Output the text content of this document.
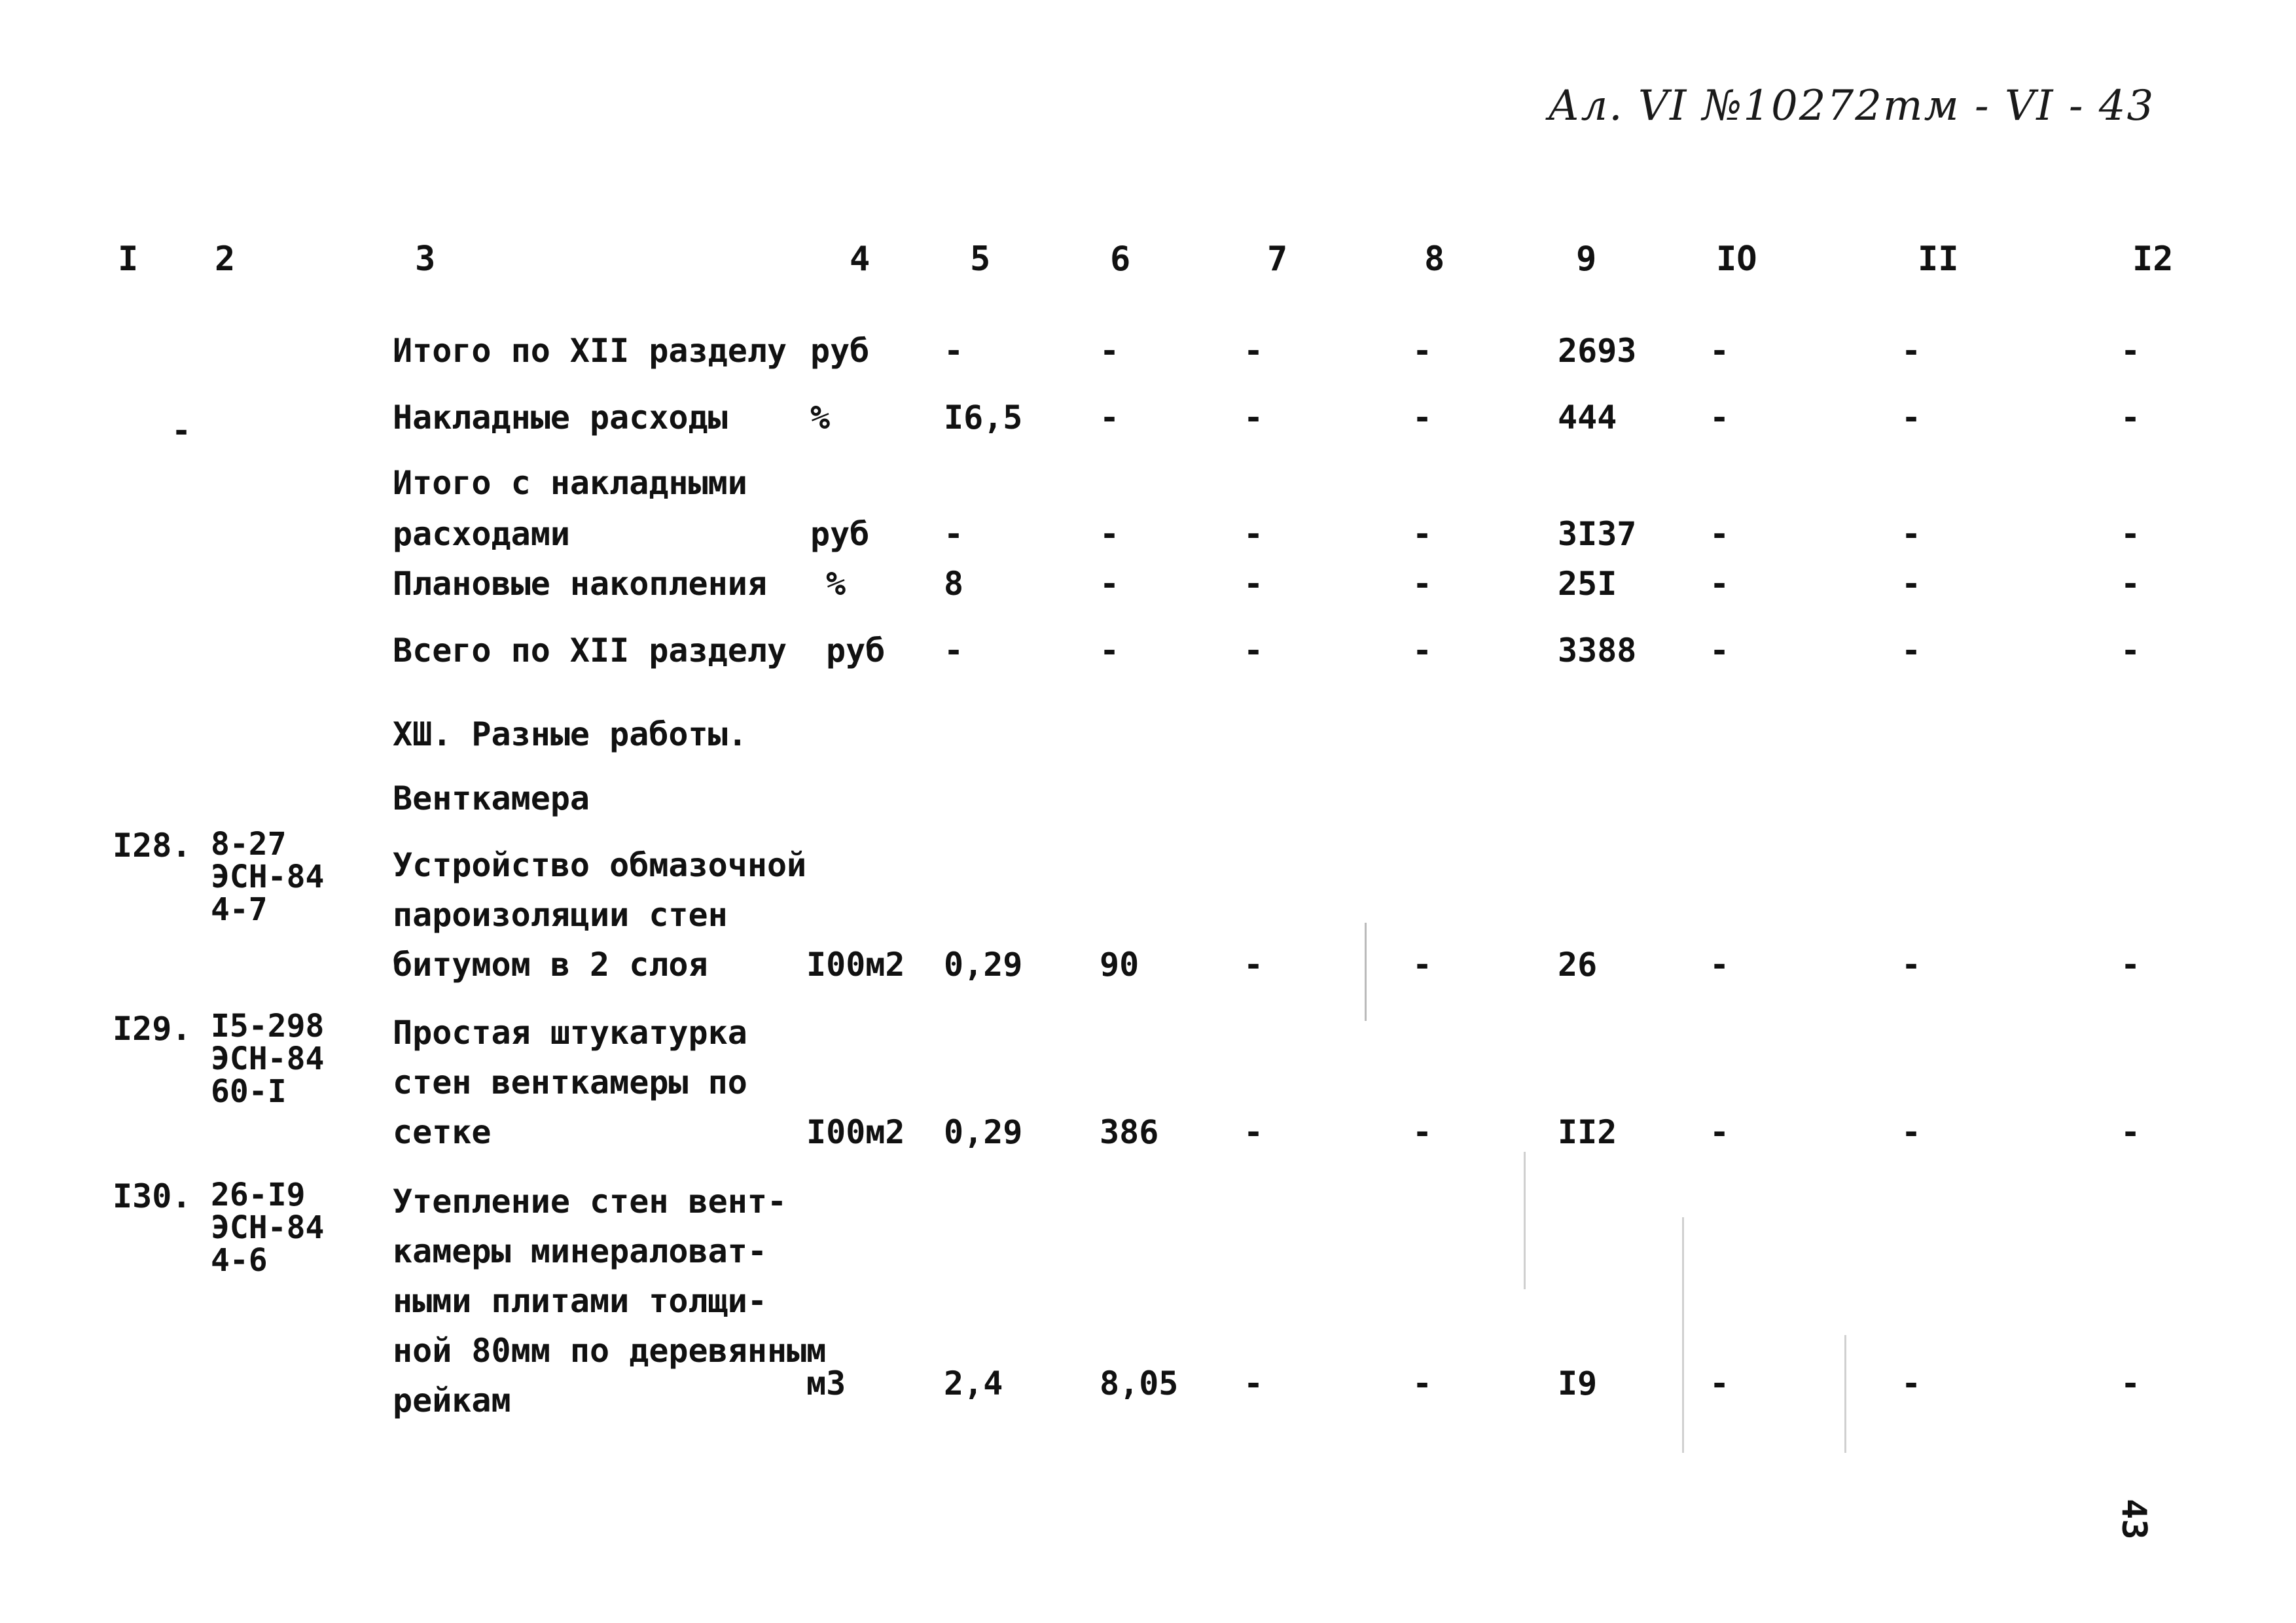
Ал. VI №10272тм - VI - 43
I 2	3	4	5	6	7	8	9	IO	II	I2
Итого по XII разделу руб -	-	-	-	2693 -	-	-
-	Накладные расходы	%	I6,5 -	-	-	444	-	-	-
Итого с накладными
расходами	руб -	-	-	-	3I37 -	-	-
Плановые накопления %	8	-	-	-	25I	-	-	-
Всего по XII разделу руб -	-	-	-	3388 -	-	-
XШ. Разные работы.
Венткамера
I28. 8-27
ЭСН-84
4-7
Устройство обмазочной
пароизоляции стен
битумом в 2 слоя	I00м2 0,29 90	-	-	26	-	-	-
I29. I5-298
ЭСН-84
60-I
Простая штукатурка
стен венткамеры по
сетке	I00м2 0,29 386	-	-	II2	-	-	-
I30. 26-I9
ЭСН-84
4-6
Утепление стен вент-
камеры минераловат-
ными плитами толщи-
ной 80мм по деревянным
рейкам	м3	2,4	8,05 -	-	I9	-	-	-
43
